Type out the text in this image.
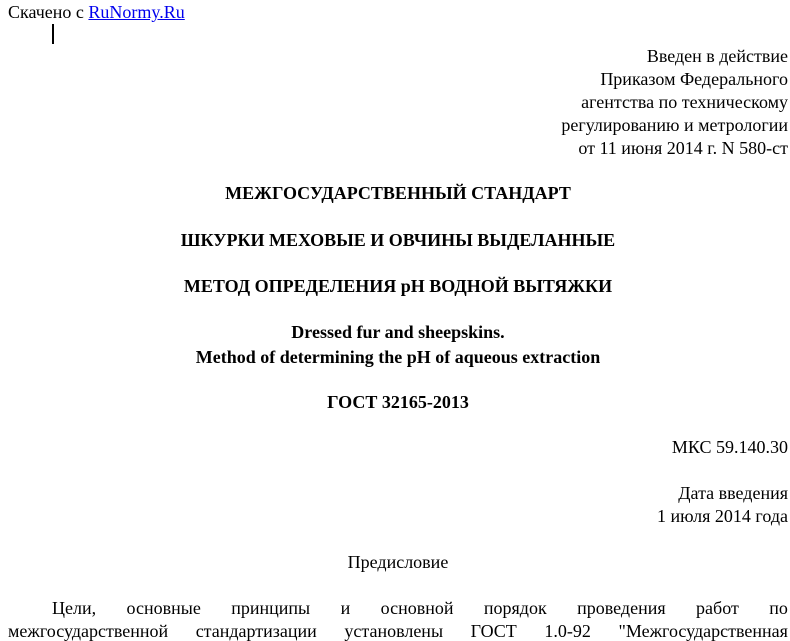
Скачено с RuNormy.Ru
Введен в действие
Приказом Федерального
агентства по техническому
регулированию и метрологии
от 11 июня 2014 г. N 580-ст
МЕЖГОСУДАРСТВЕННЫЙ СТАНДАРТ
ШКУРКИ МЕХОВЫЕ И ОВЧИНЫ ВЫДЕЛАННЫЕ
МЕТОД ОПРЕДЕЛЕНИЯ pH ВОДНОЙ ВЫТЯЖКИ
Dressed fur and sheepskins.
Method of determining the pH of aqueous extraction
ГОСТ 32165-2013
МКС 59.140.30
Дата введения
1 июля 2014 года
Предисловие
Цели, основные принципы и основной порядок проведения работ по
межгосударственной стандартизации установлены ГОСТ 1.0-92 "Межгосударственная
